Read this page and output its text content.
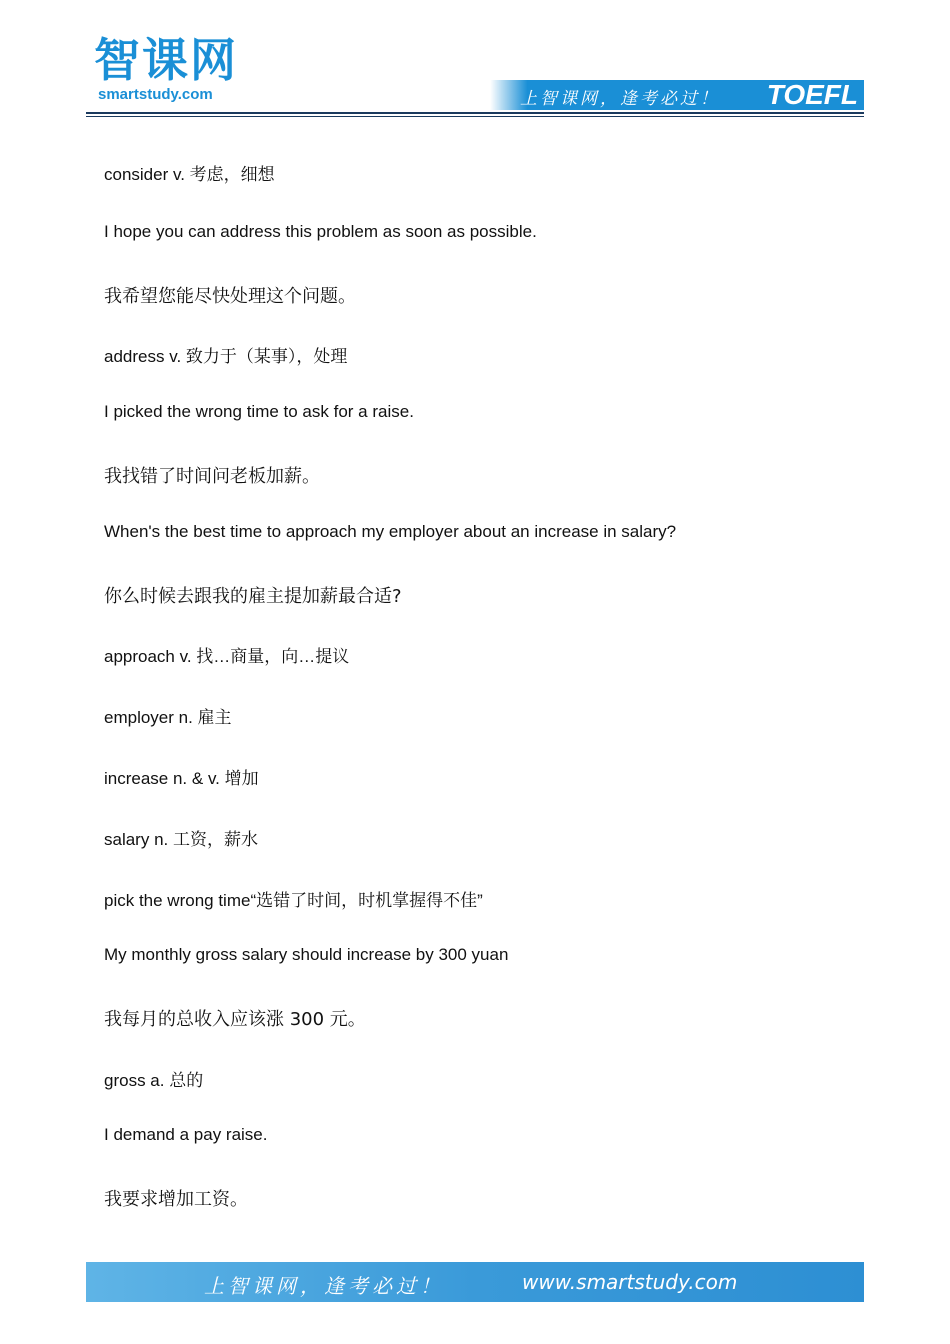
智课网
smartstudy.com	上智课网，逢考必过！ TOEFL
consider v. 考虑，细想
I hope you can address this problem as soon as possible.
我希望您能尽快处理这个问题。
address v. 致力于（某事），处理
I picked the wrong time to ask for a raise.
我找错了时间问老板加薪。
When's the best time to approach my employer about an increase in salary?
你么时候去跟我的雇主提加薪最合适?
approach v. 找…商量，向…提议
employer n. 雇主
increase n. & v. 增加
salary n. 工资，薪水
pick the wrong time“选错了时间，时机掌握得不佳”
My monthly gross salary should increase by 300 yuan
我每月的总收入应该涨 300 元。
gross a. 总的
I demand a pay raise.
我要求增加工资。
上智课网，逢考必过！	www.smartstudy.com
